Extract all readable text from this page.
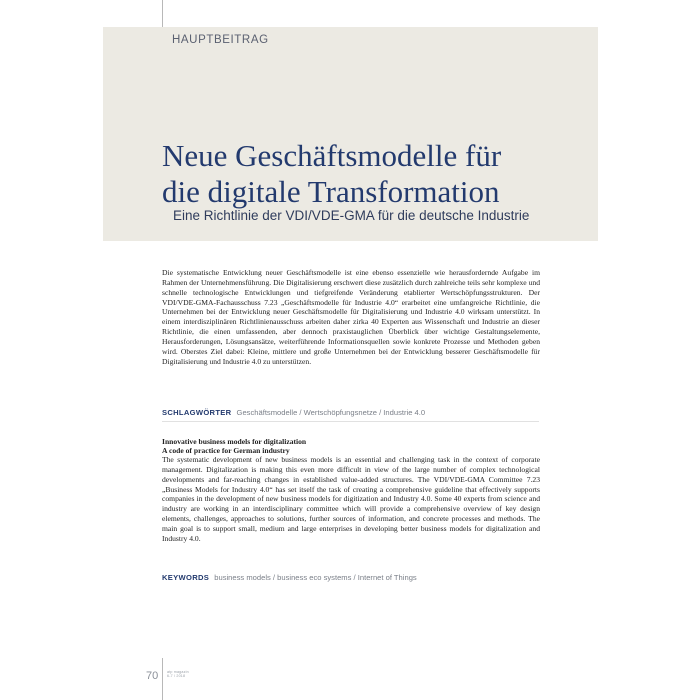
HAUPTBEITRAG
Neue Geschäftsmodelle für
die digitale Transformation
Eine Richtlinie der VDI/VDE-GMA für die deutsche Industrie

Die systematische Entwicklung neuer Geschäftsmodelle ist eine ebenso essenzielle wie herausfordernde Aufgabe im Rahmen der Unternehmensführung. Die Digitalisierung erschwert diese zusätzlich durch zahlreiche teils sehr komplexe und schnelle technologische Entwicklungen und tiefgreifende Veränderung etablierter Wertschöpfungsstrukturen. Der VDI/VDE-GMA-Fachausschuss 7.23 „Geschäftsmodelle für Industrie 4.0“ erarbeitet eine umfangreiche Richtlinie, die Unternehmen bei der Entwicklung neuer Geschäftsmodelle für Digitalisierung und Industrie 4.0 wirksam unterstützt. In einem interdisziplinären Richtlinienausschuss arbeiten daher zirka 40 Experten aus Wissenschaft und Industrie an dieser Richtlinie, die einen umfassenden, aber dennoch praxistauglichen Überblick über wichtige Gestaltungselemente, Herausforderungen, Lösungsansätze, weiterführende Informationsquellen sowie konkrete Prozesse und Methoden geben wird. Oberstes Ziel dabei: Kleine, mittlere und große Unternehmen bei der Entwicklung besserer Geschäftsmodelle für Digitalisierung und Industrie 4.0 zu unterstützen.

SCHLAGWÖRTER Geschäftsmodelle / Wertschöpfungsnetze / Industrie 4.0
Innovative business models for digitalization
A code of practice for German industry

The systematic development of new business models is an essential and challenging task in the context of corporate management. Digitalization is making this even more difficult in view of the large number of complex technological developments and far-reaching changes in established value-added structures. The VDI/VDE-GMA Committee 7.23 „Business Models for Industry 4.0“ has set itself the task of creating a comprehensive guideline that effectively supports companies in the development of new business models for digitization and Industry 4.0. Some 40 experts from science and industry are working in an interdisciplinary committee which will provide a comprehensive overview of key design elements, challenges, approaches to solutions, further sources of information, and concrete processes and methods. The main goal is to support small, medium and large enterprises in developing better business models for digitalization and Industry 4.0.

KEYWORDS business models / business eco systems / Internet of Things
70 atp magazin
6-7 / 2018
